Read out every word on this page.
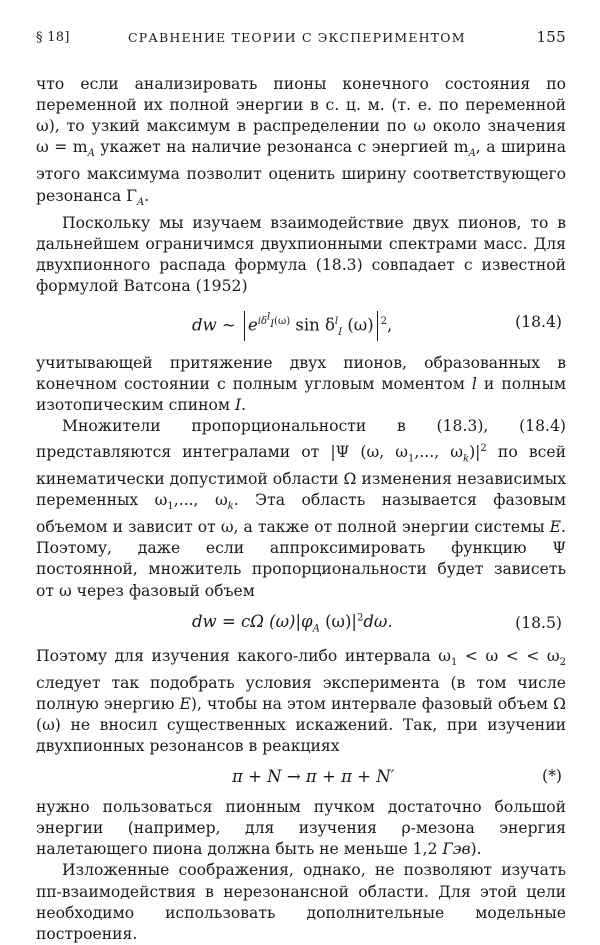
§ 18]	СРАВНЕНИЕ ТЕОРИИ С ЭКСПЕРИМЕНТОМ	155

что если анализировать пионы конечного состояния по переменной их полной энергии в с. ц. м. (т. е. по переменной ω), то узкий максимум в распределении по ω около значения $\omega = m_A$ укажет на наличие резонанса с энергией $m_A$, а ширина этого максимума позволит оценить ширину соответствующего резонанса $\Gamma_A$.

Поскольку мы изучаем взаимодействие двух пионов, то в дальнейшем ограничимся двухпионными спектрами масс. Для двухпионного распада формула (18.3) совпадает с известной формулой Ватсона (1952)

dw ~ $e^{i\delta^l_I(\omega)}$ $\sin \delta^l_I$ (ω) $^2$,	(18.4)

учитывающей притяжение двух пионов, образованных в конечном состоянии с полным угловым моментом l и полным изотопическим спином I.

Множители пропорциональности в (18.3), (18.4) представляются интегралами от |Ψ (ω, $\omega_1$,..., $\omega_k)|^2$ по всей кинематически допустимой области Ω изменения независимых переменных $\omega_1$,..., $\omega_k$. Эта область называется фазовым объемом и зависит от ω, а также от полной энергии системы E. Поэтому, даже если аппроксимировать функцию Ψ постоянной, множитель пропорциональности будет зависеть от ω через фазовый объем

dw = cΩ $(\omega)|\varphi_A$ $(\omega)|^2d\omega$.	(18.5)

Поэтому для изучения какого-либо интервала $\omega_1 < \omega$ < < $\omega_2$ следует так подобрать условия эксперимента (в том числе полную энергию E), чтобы на этом интервале фазовый объем Ω (ω) не вносил существенных искажений. Так, при изучении двухпионных резонансов в реакциях

π + N → π + π + N′	(*)

нужно пользоваться пионным пучком достаточно большой энергии (например, для изучения ρ-мезона энергия налетающего пиона должна быть не меньше 1,2 Гэв).

Изложенные соображения, однако, не позволяют изучать ππ-взаимодействия в нерезонансной области. Для этой цели необходимо использовать дополнительные модельные построения.
